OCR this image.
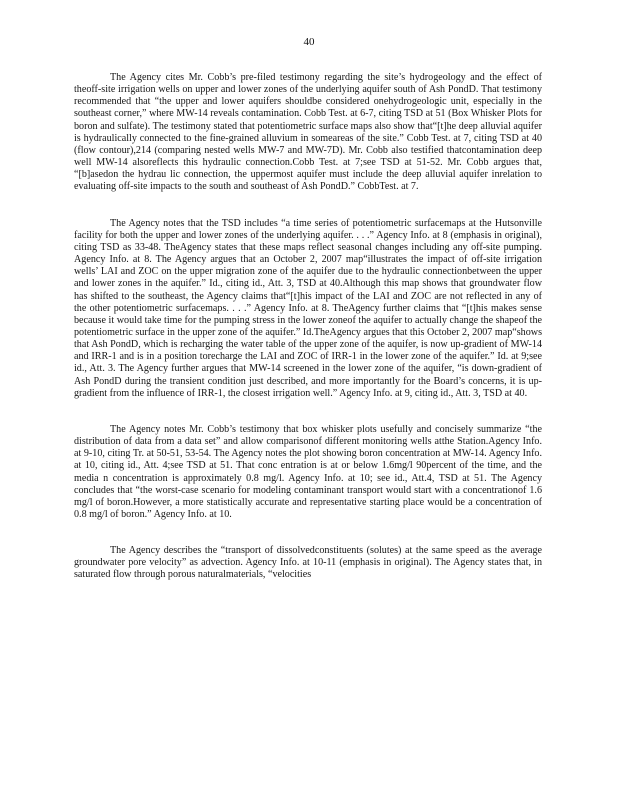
40

The Agency cites Mr. Cobb’s pre-filed testimony regarding the site’s hydrogeology and the effect of theoff-site irrigation wells on upper and lower zones of the underlying aquifer south of Ash PondD. That testimony recommended that “the upper and lower aquifers shouldbe considered onehydrogeologic unit, especially in the southeast corner,” where MW-14 reveals contamination. Cobb Test. at 6-7, citing TSD at 51 (Box Whisker Plots for boron and sulfate). The testimony stated that potentiometric surface maps also show that“[t]he deep alluvial aquifer is hydraulically connected to the fine-grained alluvium in someareas of the site.” Cobb Test. at 7, citing TSD at 40 (flow contour),214 (comparing nested wells MW-7 and MW-7D). Mr. Cobb also testified thatcontamination deep well MW-14 alsoreflects this hydraulic connection.Cobb Test. at 7;see TSD at 51-52. Mr. Cobb argues that, “[b]asedon the hydrau lic connection, the uppermost aquifer must include the deep alluvial aquifer inrelation to evaluating off-site impacts to the south and southeast of Ash PondD.” CobbTest. at 7.

The Agency notes that the TSD includes “a time series of potentiometric surfacemaps at the Hutsonville facility for both the upper and lower zones of the underlying aquifer. . . .” Agency Info. at 8 (emphasis in original), citing TSD as 33-48. TheAgency states that these maps reflect seasonal changes including any off-site pumping. Agency Info. at 8. The Agency argues that an October 2, 2007 map“illustrates the impact of off-site irrigation wells’ LAI and ZOC on the upper migration zone of the aquifer due to the hydraulic connectionbetween the upper and lower zones in the aquifer.” Id., citing id., Att. 3, TSD at 40.Although this map shows that groundwater flow has shifted to the southeast, the Agency claims that“[t]his impact of the LAI and ZOC are not reflected in any of the other potentiometric surfacemaps. . . .” Agency Info. at 8. TheAgency further claims that “[t]his makes sense because it would take time for the pumping stress in the lower zoneof the aquifer to actually change the shapeof the potentiometric surface in the upper zone of the aquifer.” Id.TheAgency argues that this October 2, 2007 map“shows that Ash PondD, which is recharging the water table of the upper zone of the aquifer, is now up-gradient of MW-14 and IRR-1 and is in a position torecharge the LAI and ZOC of IRR-1 in the lower zone of the aquifer.” Id. at 9;see id., Att. 3. The Agency further argues that MW-14 screened in the lower zone of the aquifer, “is down-gradient of Ash PondD during the transient condition just described, and more importantly for the Board’s concerns, it is up-gradient from the influence of IRR-1, the closest irrigation well.” Agency Info. at 9, citing id., Att. 3, TSD at 40.

The Agency notes Mr. Cobb’s testimony that box whisker plots usefully and concisely summarize “the distribution of data from a data set” and allow comparisonof different monitoring wells atthe Station.Agency Info. at 9-10, citing Tr. at 50-51, 53-54. The Agency notes the plot showing boron concentration at MW-14. Agency Info. at 10, citing id., Att. 4;see TSD at 51. That conc entration is at or below 1.6mg/l 90percent of the time, and the media n concentration is approximately 0.8 mg/l. Agency Info. at 10; see id., Att.4, TSD at 51. The Agency concludes that “the worst-case scenario for modeling contaminant transport would start with a concentrationof 1.6 mg/l of boron.However, a more statistically accurate and representative starting place would be a concentration of 0.8 mg/l of boron.” Agency Info. at 10.

The Agency describes the “transport of dissolvedconstituents (solutes) at the same speed as the average groundwater pore velocity” as advection. Agency Info. at 10-11 (emphasis in original). The Agency states that, in saturated flow through porous naturalmaterials, “velocities
